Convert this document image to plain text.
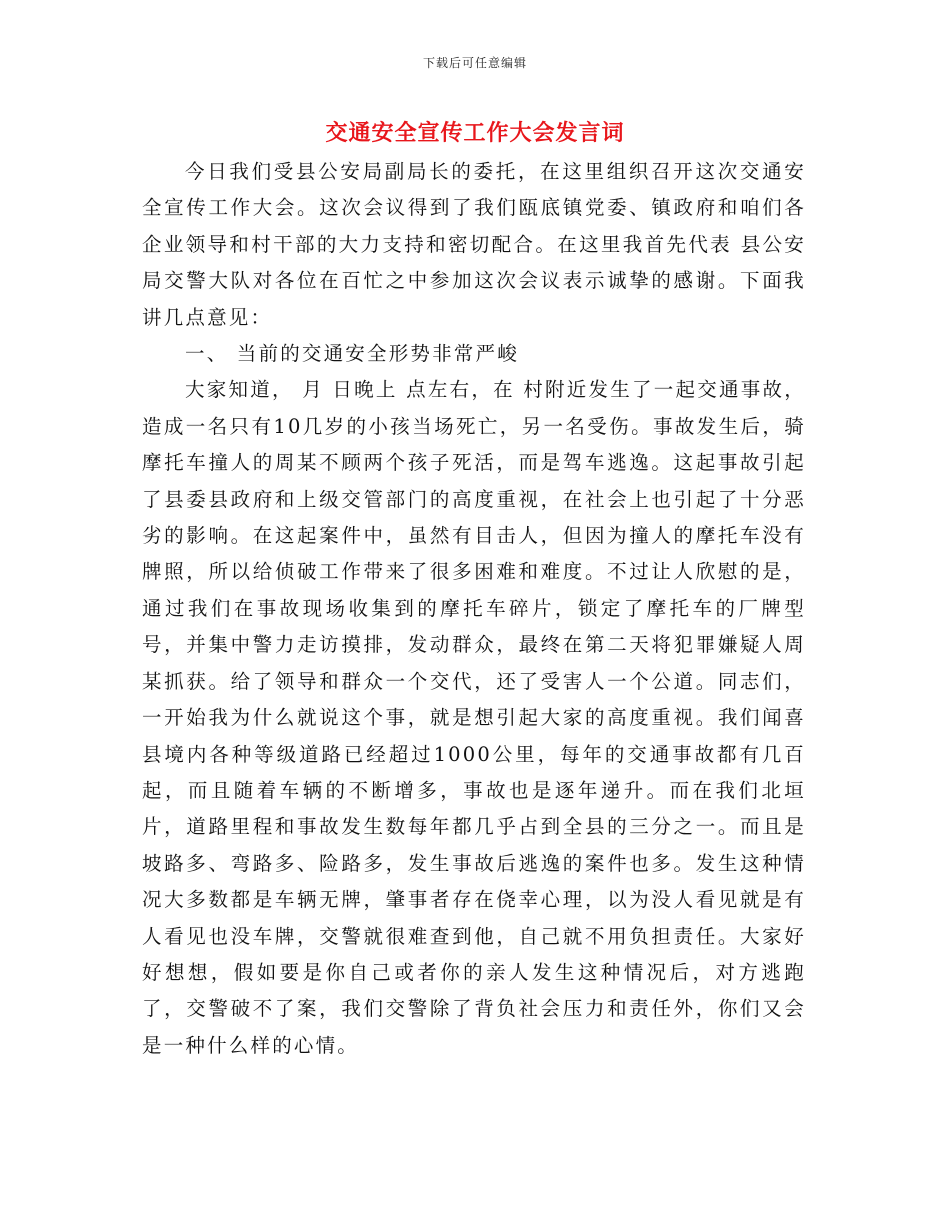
下载后可任意编辑
交通安全宣传工作大会发言词

今日我们受县公安局副局长的委托，在这里组织召开这次交通安全宣传工作大会。这次会议得到了我们瓯底镇党委、镇政府和咱们各企业领导和村干部的大力支持和密切配合。在这里我首先代表 县公安局交警大队对各位在百忙之中参加这次会议表示诚挚的感谢。下面我讲几点意见：

一、 当前的交通安全形势非常严峻

大家知道， 月 日晚上 点左右，在 村附近发生了一起交通事故，造成一名只有10几岁的小孩当场死亡，另一名受伤。事故发生后，骑摩托车撞人的周某不顾两个孩子死活，而是驾车逃逸。这起事故引起了县委县政府和上级交管部门的高度重视，在社会上也引起了十分恶劣的影响。在这起案件中，虽然有目击人，但因为撞人的摩托车没有牌照，所以给侦破工作带来了很多困难和难度。不过让人欣慰的是，通过我们在事故现场收集到的摩托车碎片，锁定了摩托车的厂牌型号，并集中警力走访摸排，发动群众，最终在第二天将犯罪嫌疑人周某抓获。给了领导和群众一个交代，还了受害人一个公道。同志们，一开始我为什么就说这个事，就是想引起大家的高度重视。我们闻喜县境内各种等级道路已经超过1000公里，每年的交通事故都有几百起，而且随着车辆的不断增多，事故也是逐年递升。而在我们北垣片，道路里程和事故发生数每年都几乎占到全县的三分之一。而且是坡路多、弯路多、险路多，发生事故后逃逸的案件也多。发生这种情况大多数都是车辆无牌，肇事者存在侥幸心理，以为没人看见就是有人看见也没车牌，交警就很难查到他，自己就不用负担责任。大家好好想想，假如要是你自己或者你的亲人发生这种情况后，对方逃跑了，交警破不了案，我们交警除了背负社会压力和责任外，你们又会是一种什么样的心情。
